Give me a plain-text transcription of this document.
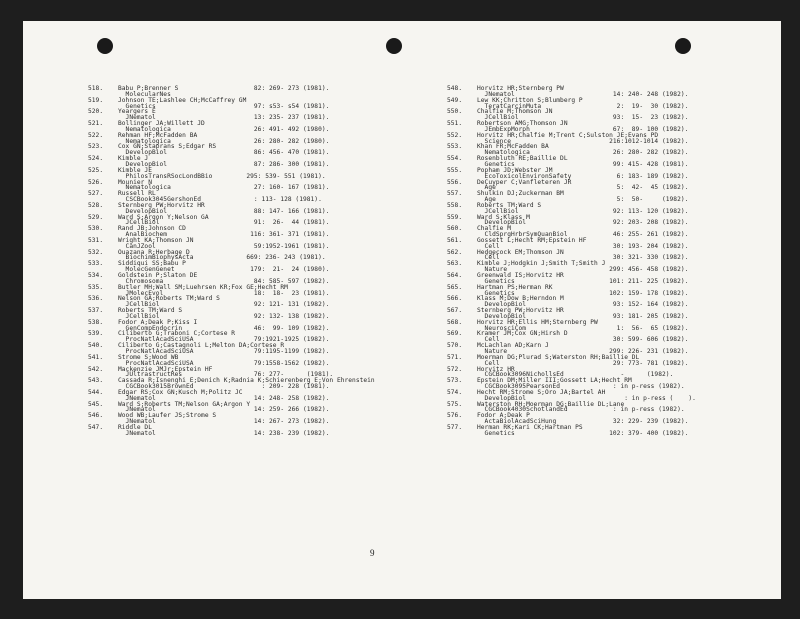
518.	Babu P;Brenner S                    82: 269- 273 (1981).
MolecularNes
519.	Johnson TE;Lashlee CH;McCaffrey GM
Genetics                          97: s53- s54 (1981).
520.	Yeargers E
JNematol                          13: 235- 237 (1981).
521.	Bollinger JA;Willett JD
Nematologica                      26: 491- 492 (1980).
522.	Rehman HF;McFadden BA
Nematologica                      26: 280- 282 (1980).
523.	Cox GN;Staprans S;Edgar RS
DevelopBiol                       86: 456- 470 (1981).
524.	Kimble J
DevelopBiol                       87: 286- 300 (1981).
525.	Kimble JE
PhilosTransRSocLondBBio         295: 539- 551 (1981).
526.	Mounier N
Nematologica                      27: 160- 167 (1981).
527.	Russell RL
CSCBook3045GershonEd              : 113- 128 (1981).
528.	Sternberg PW;Horvitz HR
DevelopBiol                       88: 147- 166 (1981).
529.	Ward S;Argon Y;Nelson GA
JCellBiol                         91:  26-  44 (1981).
530.	Rand JB;Johnson CD
AnalBiochem                      116: 361- 371 (1981).
531.	Wright KA;Thomson JN
CanJZool                          59:1952-1961 (1981).
532.	Ouazana R;Herbage D
BiochimBiophysActa              669: 236- 243 (1981).
533.	Siddiqui SS;Babu P
MolecGenGenet                    179:  21-  24 (1980).
534.	Goldstein P;Slaton DE
Chromosoma                        84: 585- 597 (1982).
535.	Butler MH;Wall SM;Luehrsen KR;Fox GE;Hecht RM
JMolecEvol                        18:  18-  23 (1981).
536.	Nelson GA;Roberts TM;Ward S
JCellBiol                         92: 121- 131 (1982).
537.	Roberts TM;Ward S
JCellBiol                         92: 132- 138 (1982).
538.	Fodor A;Deak P;Kiss I
GenCompEndocrin                   46:  99- 109 (1982).
539.	Ciliberto G;Traboni C;Cortese R
ProcNatlAcadSciUSA                79:1921-1925 (1982).
540.	Ciliberto G;Castagnoli L;Melton DA;Cortese R
ProcNatlAcadSciUSA                79:1195-1199 (1982).
541.	Strome S;Wood WB
ProcNatlAcadSciUSA                79:1558-1562 (1982).
542.	Mackenzie JMJr;Epstein HF
JUltrastructRes                   76: 277-      (1981).
543.	Cassada R;Isnenghi E;Denich K;Radnia K;Schierenberg E;Von Ehrenstein
CGCBook3015BrownEd                  : 209- 228 (1981).
544.	Edgar RS;Cox GN;Kusch M;Politz JC
JNematol                          14: 248- 258 (1982).
545.	Ward S;Roberts TM;Nelson GA;Argon Y
JNematol                          14: 259- 266 (1982).
546.	Wood WB;Laufer JS;Strome S
JNematol                          14: 267- 273 (1982).
547.	Riddle DL
JNematol                          14: 238- 239 (1982).
548.	Horvitz HR;Sternberg PW
JNematol                          14: 240- 248 (1982).
549.	Lew KK;Chritton S;Blumberg P
TeratCarcinMuta                    2:  19-  30 (1982).
550.	Chalfie M;Thomson JN
JCellBiol                         93:  15-  23 (1982).
551.	Robertson AMG;Thomson JN
JEmbExpMorph                      67:  89- 100 (1982).
552.	Horvitz HR;Chalfie M;Trent C;Sulston JE;Evans PD
Science                          216:1012-1014 (1982).
553.	Khan FR;McFadden BA
Nematologica                      26: 280- 282 (1982).
554.	Rosenbluth RE;Baillie DL
Genetics                          99: 415- 428 (1981).
555.	Popham JD;Webster JM
EcoToxicolEnvironSafety            6: 183- 189 (1982).
556.	DeCuyper C;Vanfleteren JR
Age                                5:  42-  45 (1982).
557.	Shulkin DJ;Zuckerman BM
Age                                5:  50-     (1982).
558.	Roberts TM;Ward S
JCellBiol                         92: 113- 120 (1982).
559.	Ward S;Klass M
DevelopBiol                       92: 203- 208 (1982).
560.	Chalfie M
CldSprgHrbrSymQuanBiol            46: 255- 261 (1982).
561.	Gossett L;Hecht RM;Epstein HF
Cell                              30: 193- 204 (1982).
562.	Hedgecock EM;Thomson JN
Cell                              30: 321- 330 (1982).
563.	Kimble J;Hodgkin J;Smith T;Smith J
Nature                           299: 456- 458 (1982).
564.	Greenwald IS;Horvitz HR
Genetics                         101: 211- 225 (1982).
565.	Hartman PS;Herman RK
Genetics                         102: 159- 178 (1982).
566.	Klass M;Dow B;Herndon M
DevelopBiol                       93: 152- 164 (1982).
567.	Sternberg PW;Horvitz HR
DevelopBiol                       93: 181- 205 (1982).
568.	Horvitz HR;Ellis HM;Sternberg PW
NeurosciCom                        1:  56-  65 (1982).
569.	Kramer JM;Cox GN;Hirsh D
Cell                              30: 599- 606 (1982).
570.	McLachlan AD;Karn J
Nature                           299: 226- 231 (1982).
571.	Moerman DG;Plurad S;Waterston RH;Baillie DL
Cell                              29: 773- 781 (1982).
572.	Horvitz HR
CGCBook3096NichollsEd               -      (1982).
573.	Epstein DM;Miller III;Gossett LA;Hecht RM
CGCBook3095PearsonEd              : in p-ress (1982).
574.	Hecht RM;Strome S;Oro JA;Bartel AH
DevelopBiol                          : in p-ress (    ).
575.	Waterston RH;Moerman DG;Baillie DL;Lane
CGCBook4030SchotlandEd            : in p-ress (1982).
576.	Fodor A;Deak P
ActaBiolAcadSciHung               32: 229- 239 (1982).
577.	Herman RK;Kari CK;Hartman PS
Genetics                         102: 379- 400 (1982).
9
